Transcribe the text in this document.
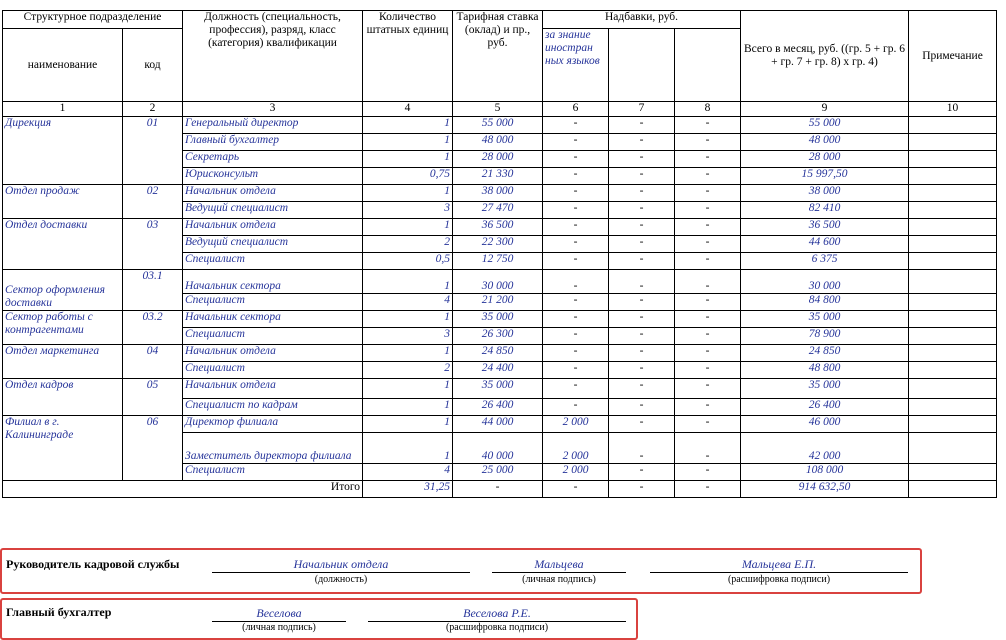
Структурное подразделение		Должность (специальность, профессия), разряд, класс (категория) квалификации	Количество штатных единиц	Тарифная ставка (оклад) и пр., руб.	Надбавки, руб.			Всего в месяц, руб. ((гр. 5 + гр. 6 + гр. 7 + гр. 8) x гр. 4)	Примечание
наименование	код				за знание иностран ных языков				
1	2	3	4	5	6	7	8	9	10
Дирекция	01	Генеральный директор	1	55 000	-	-	-	55 000	
		Главный бухгалтер	1	48 000	-	-	-	48 000	
		Секретарь	1	28 000	-	-	-	28 000	
		Юрисконсульт	0,75	21 330	-	-	-	15 997,50	
Отдел продаж	02	Начальник отдела	1	38 000	-	-	-	38 000	
		Ведущий специалист	3	27 470	-	-	-	82 410	
Отдел доставки	03	Начальник отдела	1	36 500	-	-	-	36 500	
		Ведущий специалист	2	22 300	-	-	-	44 600	
		Специалист	0,5	12 750	-	-	-	6 375	
Сектор оформления доставки	03.1	Начальник сектора	1	30 000	-	-	-	30 000	
		Специалист	4	21 200	-	-	-	84 800	
Сектор работы с контрагентами	03.2	Начальник сектора	1	35 000	-	-	-	35 000	
		Специалист	3	26 300	-	-	-	78 900	
Отдел маркетинга	04	Начальник отдела	1	24 850	-	-	-	24 850	
		Специалист	2	24 400	-	-	-	48 800	
Отдел кадров	05	Начальник отдела	1	35 000	-	-	-	35 000	
		Специалист по кадрам	1	26 400	-	-	-	26 400	
Филиал в г. Калининграде	06	Директор филиала	1	44 000	2 000	-	-	46 000	
		Заместитель директора филиала	1	40 000	2 000	-	-	42 000	
		Специалист	4	25 000	2 000	-	-	108 000	
Итого			31,25	-	-	-	-	914 632,50	
Руководитель кадровой службы	Начальник отдела
(должность)
Мальцева
(личная подпись)
Мальцева Е.П.
(расшифровка подписи)
Главный бухгалтер	Веселова
(личная подпись)
Веселова Р.Е.
(расшифровка подписи)
